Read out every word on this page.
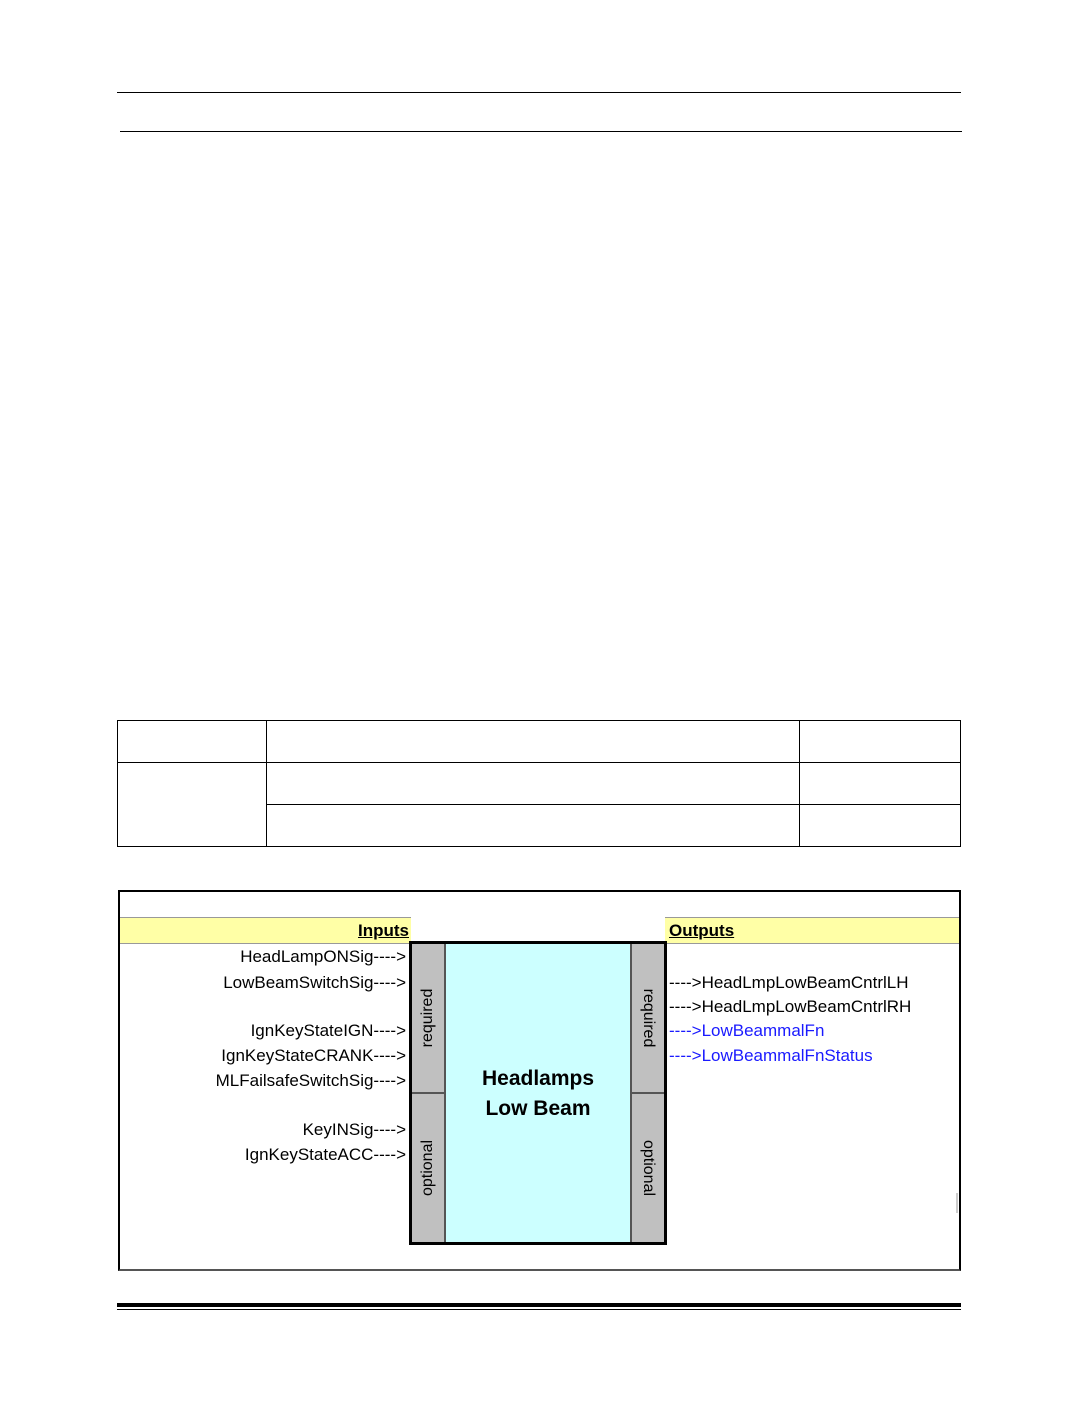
Inputs	Outputs
required
optional
required
optional
Headlamps
Low Beam
HeadLampONSig---->
LowBeamSwitchSig---->
IgnKeyStateIGN---->
IgnKeyStateCRANK---->
MLFailsafeSwitchSig---->
KeyINSig---->
IgnKeyStateACC---->
---->HeadLmpLowBeamCntrlLH
---->HeadLmpLowBeamCntrlRH
---->LowBeammalFn
---->LowBeammalFnStatus
